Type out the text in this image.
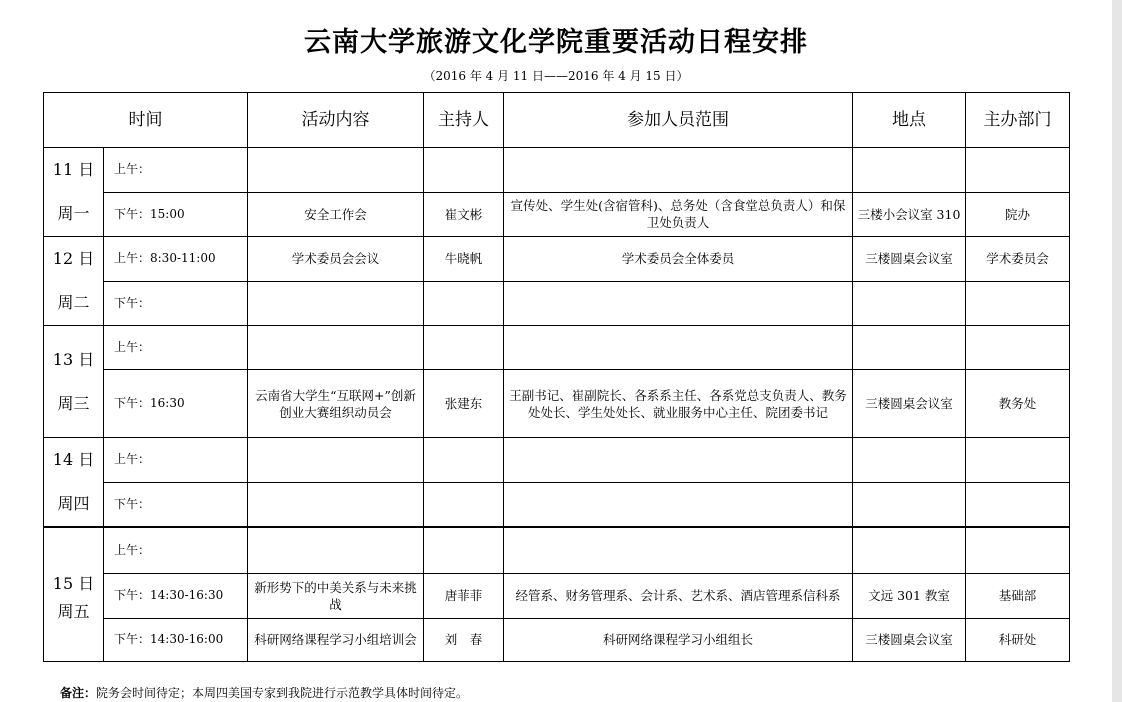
云南大学旅游文化学院重要活动日程安排
（2016 年 4 月 11 日——2016 年 4 月 15 日）
时间		活动内容	主持人	参加人员范围	地点	主办部门

11 日
周一	上午：					
	下午：15:00	安全工作会	崔文彬	宣传处、学生处(含宿管科)、总务处（含食堂总负责人）和保卫处负责人	三楼小会议室 310	院办

12 日
周二	上午：8:30-11:00	学术委员会会议	牛晓帆	学术委员会全体委员	三楼圆桌会议室	学术委员会
	下午：					

13 日
周三	上午：					
	下午：16:30	云南省大学生“互联网+”创新创业大赛组织动员会	张建东	王副书记、崔副院长、各系系主任、各系党总支负责人、教务处处长、学生处处长、就业服务中心主任、院团委书记	三楼圆桌会议室	教务处

14 日
周四	上午：					
	下午：					

15 日
周五	上午：					
	下午：14:30-16:30	新形势下的中美关系与未来挑战	唐菲菲	经管系、财务管理系、会计系、艺术系、酒店管理系信科系	文远 301 教室	基础部
	下午：14:30-16:00	科研网络课程学习小组培训会	刘　春	科研网络课程学习小组组长	三楼圆桌会议室	科研处
备注：院务会时间待定；本周四美国专家到我院进行示范教学具体时间待定。
